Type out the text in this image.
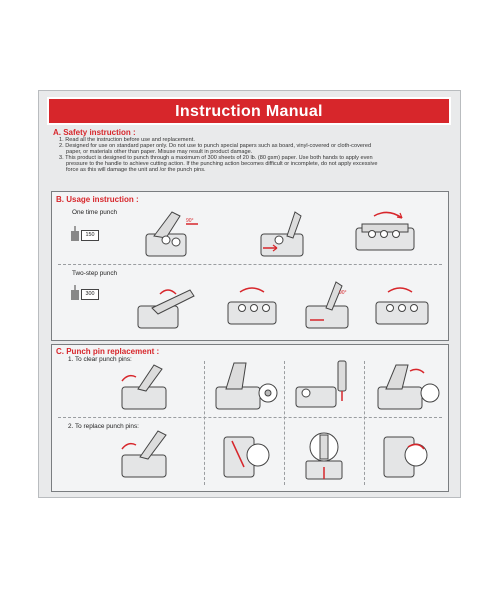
Instruction Manual
A. Safety instruction :
1. Read all the instruction before use and replacement.
2. Designed for use on standard paper only. Do not use to punch special papers such as board, vinyl-covered or cloth-covered
paper, or materials other than paper. Misuse may result in product damage.
3. This product is designed to punch through a maximum of 300 sheets of 20 lb. (80 gsm) paper. Use both hands to apply even
pressure to the handle to achieve cutting action. If the punching action becomes difficult or incomplete, do not apply excessive
force as this will damage the unit and /or the punch pins.
B. Usage instruction :
One time punch
Two-step punch
150
300
90°
90°
C. Punch pin replacement :
1. To clear punch pins:
2. To replace punch pins:
